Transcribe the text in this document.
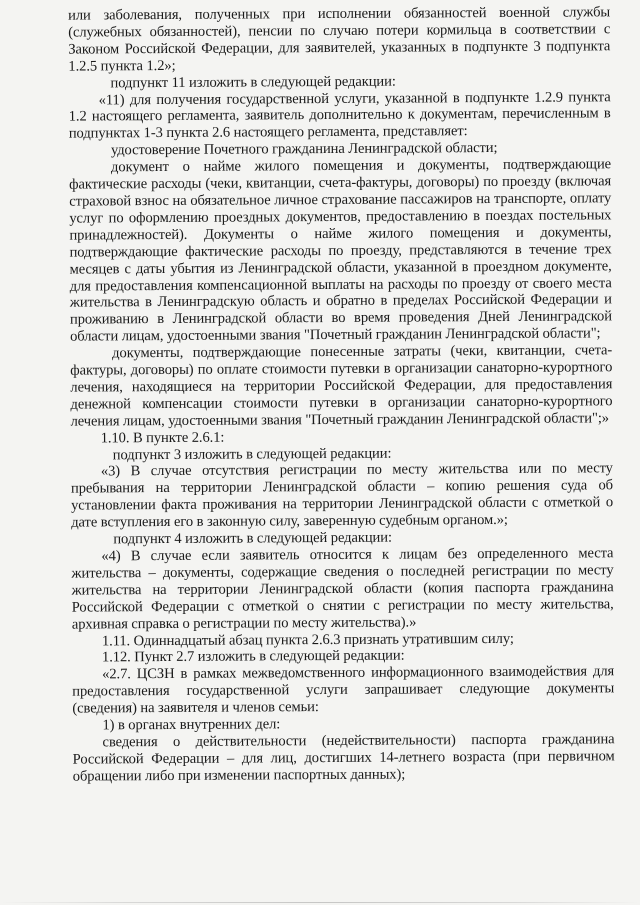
или заболевания, полученных при исполнении обязанностей военной службы (служебных обязанностей), пенсии по случаю потери кормильца в соответствии с Законом Российской Федерации, для заявителей, указанных в подпункте 3 подпункта 1.2.5 пункта 1.2»;

подпункт 11 изложить в следующей редакции:

«11) для получения государственной услуги, указанной в подпункте 1.2.9 пункта 1.2 настоящего регламента, заявитель дополнительно к документам, перечисленным в подпунктах 1-3 пункта 2.6 настоящего регламента, представляет:

удостоверение Почетного гражданина Ленинградской области;

документ о найме жилого помещения и документы, подтверждающие фактические расходы (чеки, квитанции, счета-фактуры, договоры) по проезду (включая страховой взнос на обязательное личное страхование пассажиров на транспорте, оплату услуг по оформлению проездных документов, предоставлению в поездах постельных принадлежностей). Документы о найме жилого помещения и документы, подтверждающие фактические расходы по проезду, представляются в течение трех месяцев с даты убытия из Ленинградской области, указанной в проездном документе, для предоставления компенсационной выплаты на расходы по проезду от своего места жительства в Ленинградскую область и обратно в пределах Российской Федерации и проживанию в Ленинградской области во время проведения Дней Ленинградской области лицам, удостоенными звания "Почетный гражданин Ленинградской области";

документы, подтверждающие понесенные затраты (чеки, квитанции, счета-фактуры, договоры) по оплате стоимости путевки в организации санаторно-курортного лечения, находящиеся на территории Российской Федерации, для предоставления денежной компенсации стоимости путевки в организации санаторно-курортного лечения лицам, удостоенными звания "Почетный гражданин Ленинградской области";»

1.10. В пункте 2.6.1:

подпункт 3 изложить в следующей редакции:

«3) В случае отсутствия регистрации по месту жительства или по месту пребывания на территории Ленинградской области – копию решения суда об установлении факта проживания на территории Ленинградской области с отметкой о дате вступления его в законную силу, заверенную судебным органом.»;

подпункт 4 изложить в следующей редакции:

«4) В случае если заявитель относится к лицам без определенного места жительства – документы, содержащие сведения о последней регистрации по месту жительства на территории Ленинградской области (копия паспорта гражданина Российской Федерации с отметкой о снятии с регистрации по месту жительства, архивная справка о регистрации по месту жительства).»

1.11. Одиннадцатый абзац пункта 2.6.3 признать утратившим силу;

1.12. Пункт 2.7 изложить в следующей редакции:

«2.7. ЦСЗН в рамках межведомственного информационного взаимодействия для предоставления государственной услуги запрашивает следующие документы (сведения) на заявителя и членов семьи:

1) в органах внутренних дел:

сведения о действительности (недействительности) паспорта гражданина Российской Федерации – для лиц, достигших 14-летнего возраста (при первичном обращении либо при изменении паспортных данных);
